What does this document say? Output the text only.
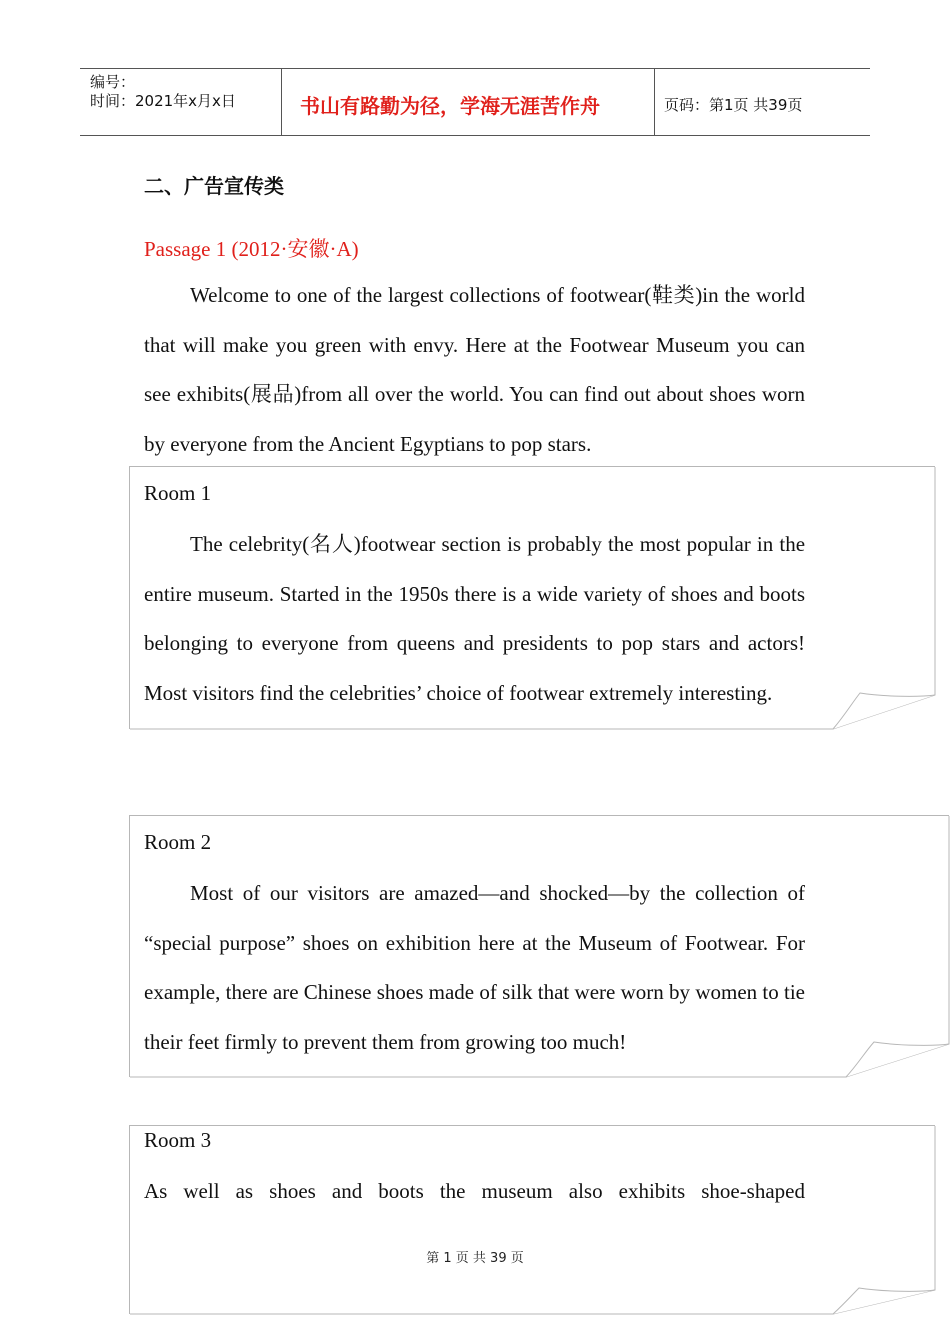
编号：
时间：2021年x月x日	书山有路勤为径，学海无涯苦作舟	页码：第1页 共39页
二、广告宣传类
Passage 1 (2012·安徽·A)

Welcome to one of the largest collections of footwear(鞋类)in the world that will make you green with envy. Here at the Footwear Museum you can see exhibits(展品)from all over the world. You can find out about shoes worn by everyone from the Ancient Egyptians to pop stars.

Room 1

The celebrity(名人)footwear section is probably the most popular in the entire museum. Started in the 1950s there is a wide variety of shoes and boots belonging to everyone from queens and presidents to pop stars and actors! Most visitors find the celebrities’ choice of footwear extremely interesting.

Room 2

Most of our visitors are amazed—and shocked—by the collection of “special purpose” shoes on exhibition here at the Museum of Footwear. For example, there are Chinese shoes made of silk that were worn by women to tie their feet firmly to prevent them from growing too much!

Room 3

As well as shoes and boots the museum also exhibits shoe-shaped

第 1 页 共 39 页
